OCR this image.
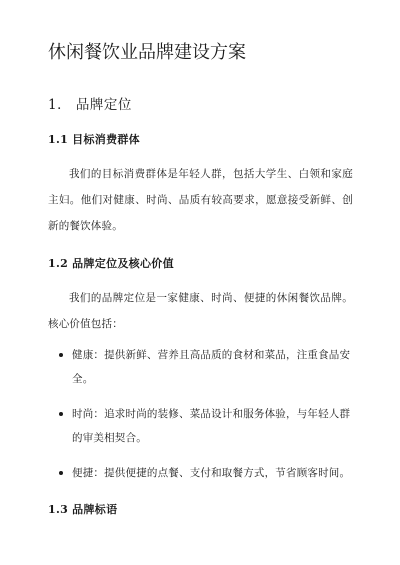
休闲餐饮业品牌建设方案
1． 品牌定位
1.1 目标消费群体

我们的目标消费群体是年轻人群，包括大学生、白领和家庭主妇。他们对健康、时尚、品质有较高要求，愿意接受新鲜、创新的餐饮体验。

1.2 品牌定位及核心价值

我们的品牌定位是一家健康、时尚、便捷的休闲餐饮品牌。核心价值包括：

健康：提供新鲜、营养且高品质的食材和菜品，注重食品安全。
时尚：追求时尚的装修、菜品设计和服务体验，与年轻人群的审美相契合。
便捷：提供便捷的点餐、支付和取餐方式，节省顾客时间。
1.3 品牌标语
